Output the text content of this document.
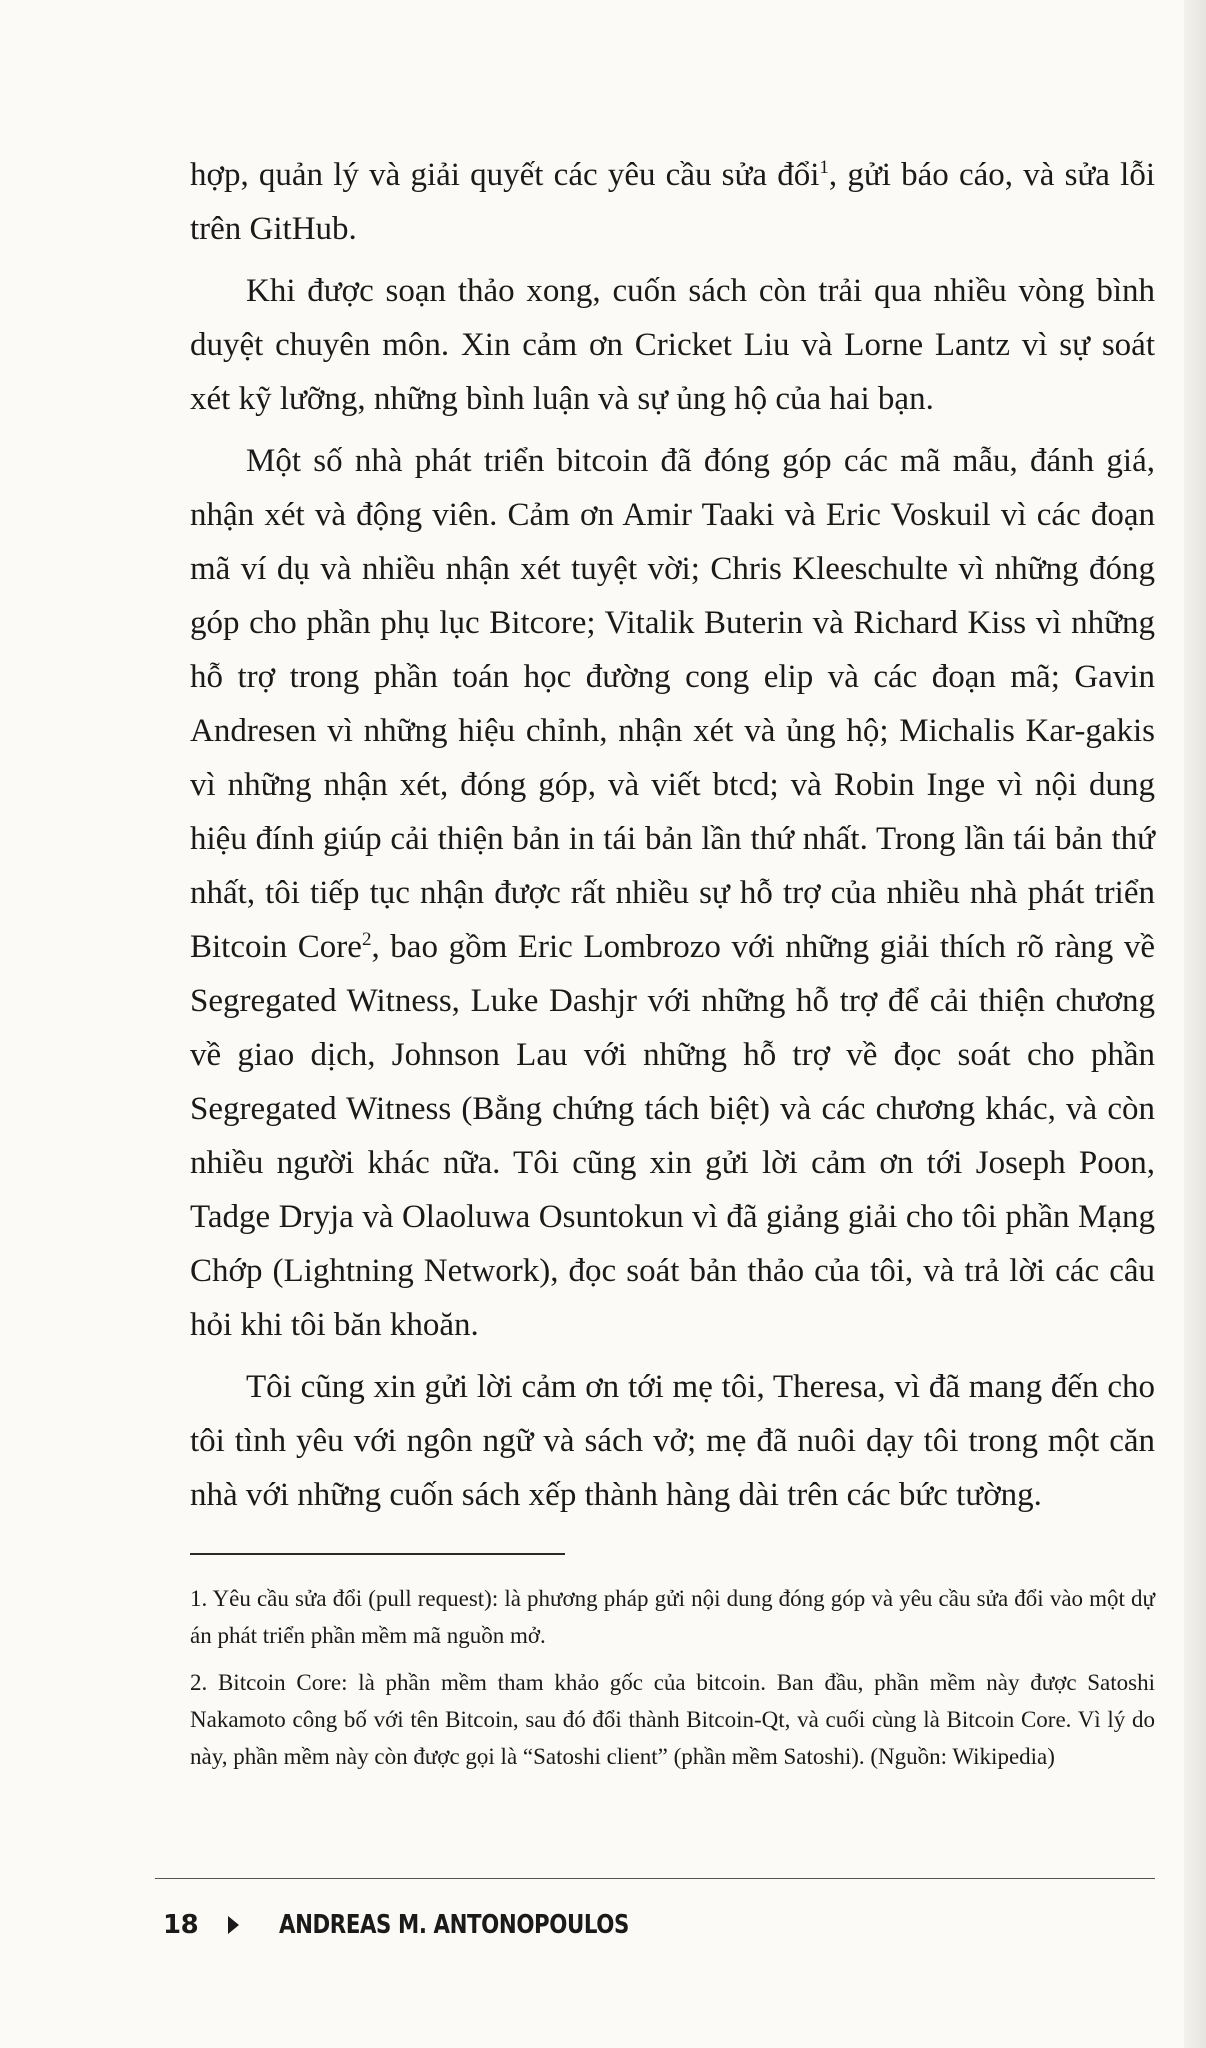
hợp, quản lý và giải quyết các yêu cầu sửa đổi$^1$, gửi báo cáo, và sửa lỗi trên GitHub.

Khi được soạn thảo xong, cuốn sách còn trải qua nhiều vòng bình duyệt chuyên môn. Xin cảm ơn Cricket Liu và Lorne Lantz vì sự soát xét kỹ lưỡng, những bình luận và sự ủng hộ của hai bạn.

Một số nhà phát triển bitcoin đã đóng góp các mã mẫu, đánh giá, nhận xét và động viên. Cảm ơn Amir Taaki và Eric Voskuil vì các đoạn mã ví dụ và nhiều nhận xét tuyệt vời; Chris Kleeschulte vì những đóng góp cho phần phụ lục Bitcore; Vitalik Buterin và Richard Kiss vì những hỗ trợ trong phần toán học đường cong elip và các đoạn mã; Gavin Andresen vì những hiệu chỉnh, nhận xét và ủng hộ; Michalis Kar-gakis vì những nhận xét, đóng góp, và viết btcd; và Robin Inge vì nội dung hiệu đính giúp cải thiện bản in tái bản lần thứ nhất. Trong lần tái bản thứ nhất, tôi tiếp tục nhận được rất nhiều sự hỗ trợ của nhiều nhà phát triển Bitcoin Core$^2$, bao gồm Eric Lombrozo với những giải thích rõ ràng về Segregated Witness, Luke Dashjr với những hỗ trợ để cải thiện chương về giao dịch, Johnson Lau với những hỗ trợ về đọc soát cho phần Segregated Witness (Bằng chứng tách biệt) và các chương khác, và còn nhiều người khác nữa. Tôi cũng xin gửi lời cảm ơn tới Joseph Poon, Tadge Dryja và Olaoluwa Osuntokun vì đã giảng giải cho tôi phần Mạng Chớp (Lightning Network), đọc soát bản thảo của tôi, và trả lời các câu hỏi khi tôi băn khoăn.

Tôi cũng xin gửi lời cảm ơn tới mẹ tôi, Theresa, vì đã mang đến cho tôi tình yêu với ngôn ngữ và sách vở; mẹ đã nuôi dạy tôi trong một căn nhà với những cuốn sách xếp thành hàng dài trên các bức tường.

1. Yêu cầu sửa đổi (pull request): là phương pháp gửi nội dung đóng góp và yêu cầu sửa đổi vào một dự án phát triển phần mềm mã nguồn mở.

2. Bitcoin Core: là phần mềm tham khảo gốc của bitcoin. Ban đầu, phần mềm này được Satoshi Nakamoto công bố với tên Bitcoin, sau đó đổi thành Bitcoin-Qt, và cuối cùng là Bitcoin Core. Vì lý do này, phần mềm này còn được gọi là “Satoshi client” (phần mềm Satoshi). (Nguồn: Wikipedia)

18	ANDREAS M. ANTONOPOULOS
